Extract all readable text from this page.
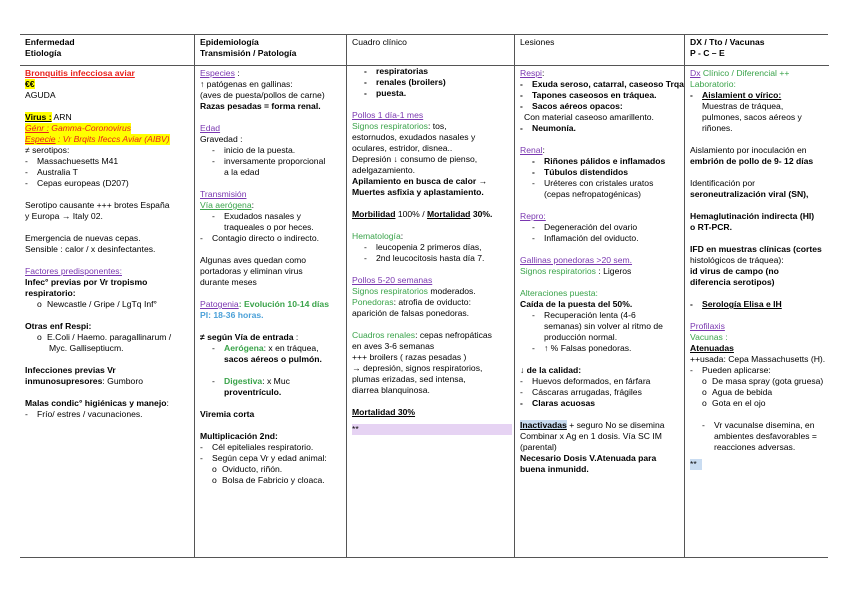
Enfermedad
Etiología
Bronquitis infecciosa aviar
€€
AGUDA
Virus : ARN
Génr : Gamma-Coronovirus Especie : Vr Brqits Ifeccs Aviar (AIBV)
≠ serotipos:
- Massachuesetts M41
- Australia T
- Cepas europeas (D207)
Serotipo causante +++ brotes España
y Europa → Italy 02.
Emergencia de nuevas cepas.
Sensible : calor / x desinfectantes.
Factores predisponentes:
Infec° previas por Vr tropismo
respiratorio:
o Newcastle / Gripe / LgTq Inf°
Otras enf Respi:
o E.Coli / Haemo. paragallinarum /
Myc. Galliseptiucm.
Infecciones previas Vr
inmunosupresores: Gumboro
Malas condic° higiénicas y manejo:
- Frío/ estres / vacunaciones.
Epidemiología
Transmisión / Patología
Especies :
↑ patógenas en gallinas:
(aves de puesta/pollos de carne)
Razas pesadas = forma renal.
Edad
Gravedad :
- inicio de la puesta.
- inversamente proporcional
a la edad
Transmisión
Vía aerógena:
- Exudados nasales y
traqueales o por heces.
- Contagio directo o indirecto.
Algunas aves quedan como
portadoras y eliminan virus
durante meses
Patogenia: Evolución 10-14 días
PI: 18-36 horas.
≠ según Vía de entrada :
- Aerógena: x en tráquea,
sacos aéreos o pulmón.
- Digestiva: x Muc
proventrículo.
Viremia corta
Multiplicación 2nd:
- Cél epiteliales respiratorio.
- Según cepa Vr y edad animal:
o Oviducto, riñón.
o Bolsa de Fabricio y cloaca.
Cuadro clínico
- respiratorias
- renales (broilers)
- puesta.
Pollos 1 día-1 mes
Signos respiratorios: tos,
estornudos, exudados nasales y
oculares, estridor, disnea..
Depresión ↓ consumo de pienso,
adelgazamiento.
Apilamiento en busca de calor →
Muertes asfixia y aplastamiento.
Morbilidad 100% / Mortalidad 30%.
Hematología:
- leucopenia 2 primeros días,
- 2nd leucocitosis hasta día 7.
Pollos 5-20 semanas
Signos respiratorios moderados.
Ponedoras: atrofia de oviducto:
aparición de falsas ponedoras.
Cuadros renales: cepas nefropáticas
en aves 3-6 semanas
+++ broilers ( razas pesadas )
→ depresión, signos respiratorios,
plumas erizadas, sed intensa,
diarrea blanquinosa.
Mortalidad 30%
**
Lesiones
Respi:
- Exuda seroso, catarral, caseoso Trqa
- Tapones caseosos en tráquea.
- Sacos aéreos opacos:
Con material caseoso amarillento.
- Neumonía.
Renal:
- Riñones pálidos e inflamados
- Túbulos distendidos
- Uréteres con cristales uratos
(cepas nefropatogénicas)
Repro:
- Degeneración del ovario
- Inflamación del oviducto.
Gallinas ponedoras >20 sem.
Signos respiratorios : Ligeros
Alteraciones puesta:
Caída de la puesta del 50%.
- Recuperación lenta (4-6
semanas) sin volver al ritmo de
producción normal.
- ↑ % Falsas ponedoras.
↓ de la calidad:
- Huevos deformados, en fárfara
- Cáscaras arrugadas, frágiles
- Claras acuosas
Inactivadas + seguro No se disemina
Combinar x Ag en 1 dosis. Vía SC IM
(parental)
Necesario Dosis V.Atenuada para
buena inmunidd.
DX / Tto / Vacunas
P - C – E
Dx Clínico / Diferencial ++
Laboratorio:
- Aislamient o vírico:
Muestras de tráquea,
pulmones, sacos aéreos y
riñones.
Aislamiento por inoculación en
embrión de pollo de 9- 12 días
Identificación por
seroneutralización viral (SN),
Hemaglutinación indirecta (HI)
o RT-PCR.
IFD en muestras clínicas (cortes
histológicos de tráquea):
id virus de campo (no
diferencia serotipos)
- Serología Elisa e IH
Profilaxis
Vacunas :
Atenuadas
++usada: Cepa Massachusetts (H).
- Pueden aplicarse:
o De masa spray (gota gruesa)
o Agua de bebida
o Gota en el ojo
- Vr vacunalse disemina, en
ambientes desfavorables =
reacciones adversas.
**
